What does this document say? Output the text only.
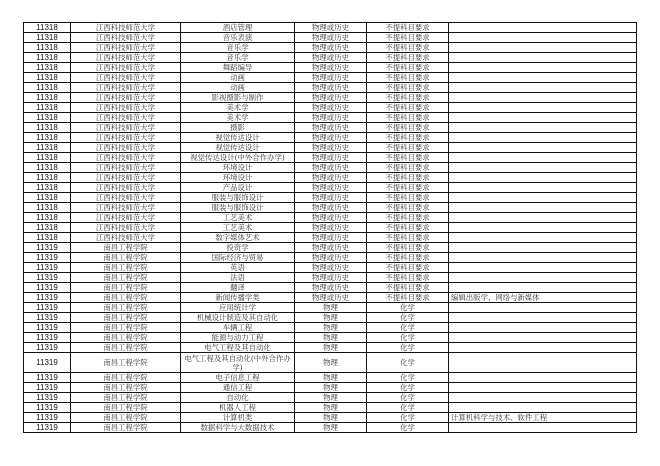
11318	江西科技师范大学	酒店管理	物理或历史	不提科目要求	
11318	江西科技师范大学	音乐表演	物理或历史	不提科目要求	
11318	江西科技师范大学	音乐学	物理或历史	不提科目要求	
11318	江西科技师范大学	音乐学	物理或历史	不提科目要求	
11318	江西科技师范大学	舞蹈编导	物理或历史	不提科目要求	
11318	江西科技师范大学	动画	物理或历史	不提科目要求	
11318	江西科技师范大学	动画	物理或历史	不提科目要求	
11318	江西科技师范大学	影视摄影与制作	物理或历史	不提科目要求	
11318	江西科技师范大学	美术学	物理或历史	不提科目要求	
11318	江西科技师范大学	美术学	物理或历史	不提科目要求	
11318	江西科技师范大学	摄影	物理或历史	不提科目要求	
11318	江西科技师范大学	视觉传达设计	物理或历史	不提科目要求	
11318	江西科技师范大学	视觉传达设计	物理或历史	不提科目要求	
11318	江西科技师范大学	视觉传达设计(中外合作办学)	物理或历史	不提科目要求	
11318	江西科技师范大学	环境设计	物理或历史	不提科目要求	
11318	江西科技师范大学	环境设计	物理或历史	不提科目要求	
11318	江西科技师范大学	产品设计	物理或历史	不提科目要求	
11318	江西科技师范大学	服装与服饰设计	物理或历史	不提科目要求	
11318	江西科技师范大学	服装与服饰设计	物理或历史	不提科目要求	
11318	江西科技师范大学	工艺美术	物理或历史	不提科目要求	
11318	江西科技师范大学	工艺美术	物理或历史	不提科目要求	
11318	江西科技师范大学	数字媒体艺术	物理或历史	不提科目要求	
11319	南昌工程学院	投资学	物理或历史	不提科目要求	
11319	南昌工程学院	国际经济与贸易	物理或历史	不提科目要求	
11319	南昌工程学院	英语	物理或历史	不提科目要求	
11319	南昌工程学院	法语	物理或历史	不提科目要求	
11319	南昌工程学院	翻译	物理或历史	不提科目要求	
11319	南昌工程学院	新闻传播学类	物理或历史	不提科目要求	编辑出版学、网络与新媒体
11319	南昌工程学院	应用统计学	物理	化学	
11319	南昌工程学院	机械设计制造及其自动化	物理	化学	
11319	南昌工程学院	车辆工程	物理	化学	
11319	南昌工程学院	能源与动力工程	物理	化学	
11319	南昌工程学院	电气工程及其自动化	物理	化学	
11319	南昌工程学院	电气工程及其自动化(中外合作办学)	物理	化学	
11319	南昌工程学院	电子信息工程	物理	化学	
11319	南昌工程学院	通信工程	物理	化学	
11319	南昌工程学院	自动化	物理	化学	
11319	南昌工程学院	机器人工程	物理	化学	
11319	南昌工程学院	计算机类	物理	化学	计算机科学与技术、软件工程
11319	南昌工程学院	数据科学与大数据技术	物理	化学	
